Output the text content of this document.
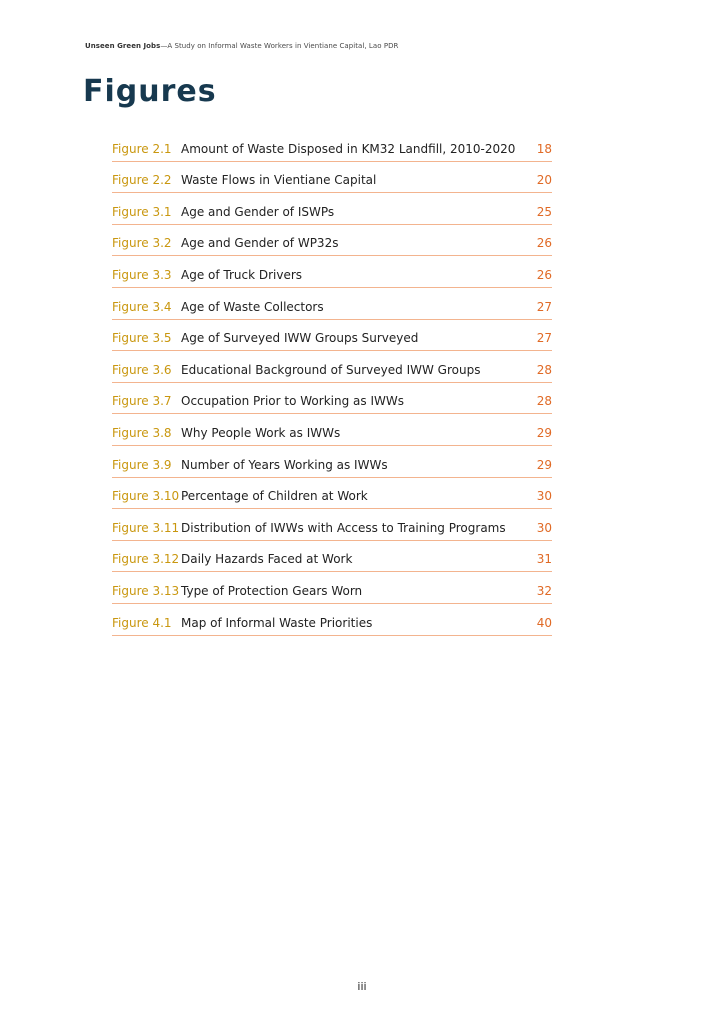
Unseen Green Jobs—A Study on Informal Waste Workers in Vientiane Capital, Lao PDR
Figures
Figure 2.1 Amount of Waste Disposed in KM32 Landfill, 2010-2020 18
Figure 2.2 Waste Flows in Vientiane Capital	20
Figure 3.1 Age and Gender of ISWPs	25
Figure 3.2 Age and Gender of WP32s	26
Figure 3.3 Age of Truck Drivers	26
Figure 3.4 Age of Waste Collectors	27
Figure 3.5 Age of Surveyed IWW Groups Surveyed	27
Figure 3.6 Educational Background of Surveyed IWW Groups	28
Figure 3.7 Occupation Prior to Working as IWWs	28
Figure 3.8 Why People Work as IWWs	29
Figure 3.9 Number of Years Working as IWWs	29
Figure 3.10 Percentage of Children at Work	30
Figure 3.11 Distribution of IWWs with Access to Training Programs	30
Figure 3.12 Daily Hazards Faced at Work	31
Figure 3.13 Type of Protection Gears Worn	32
Figure 4.1 Map of Informal Waste Priorities	40
iii
